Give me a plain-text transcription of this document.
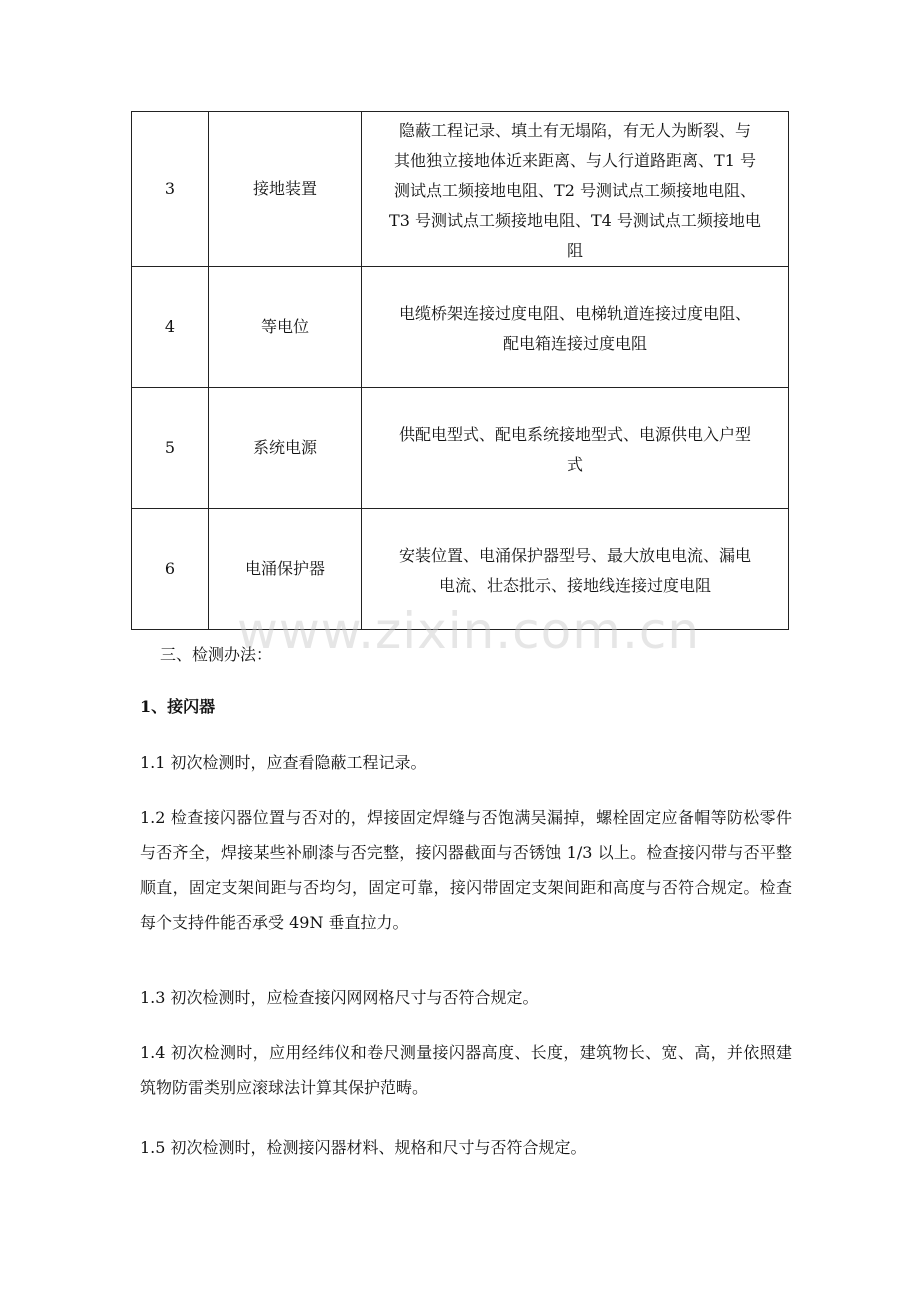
3	接地装置	隐蔽工程记录、填土有无塌陷，有无人为断裂、与
其他独立接地体近来距离、与人行道路距离、T1 号
测试点工频接地电阻、T2 号测试点工频接地电阻、
T3 号测试点工频接地电阻、T4 号测试点工频接地电
阻

4	等电位	电缆桥架连接过度电阻、电梯轨道连接过度电阻、
配电箱连接过度电阻

5	系统电源	供配电型式、配电系统接地型式、电源供电入户型
式

6	电涌保护器	安装位置、电涌保护器型号、最大放电电流、漏电
电流、壮态批示、接地线连接过度电阻
www.zixin.com.cn
三、检测办法：
1、接闪器

1.1 初次检测时，应查看隐蔽工程记录。

1.2 检查接闪器位置与否对的，焊接固定焊缝与否饱满吴漏掉，螺栓固定应备帽等防松零件与否齐全，焊接某些补刷漆与否完整，接闪器截面与否锈蚀 1/3 以上。检查接闪带与否平整顺直，固定支架间距与否均匀，固定可靠，接闪带固定支架间距和高度与否符合规定。检查每个支持件能否承受 49N 垂直拉力。

1.3 初次检测时，应检查接闪网网格尺寸与否符合规定。

1.4 初次检测时，应用经纬仪和卷尺测量接闪器高度、长度，建筑物长、宽、高，并依照建筑物防雷类别应滚球法计算其保护范畴。

1.5 初次检测时，检测接闪器材料、规格和尺寸与否符合规定。
